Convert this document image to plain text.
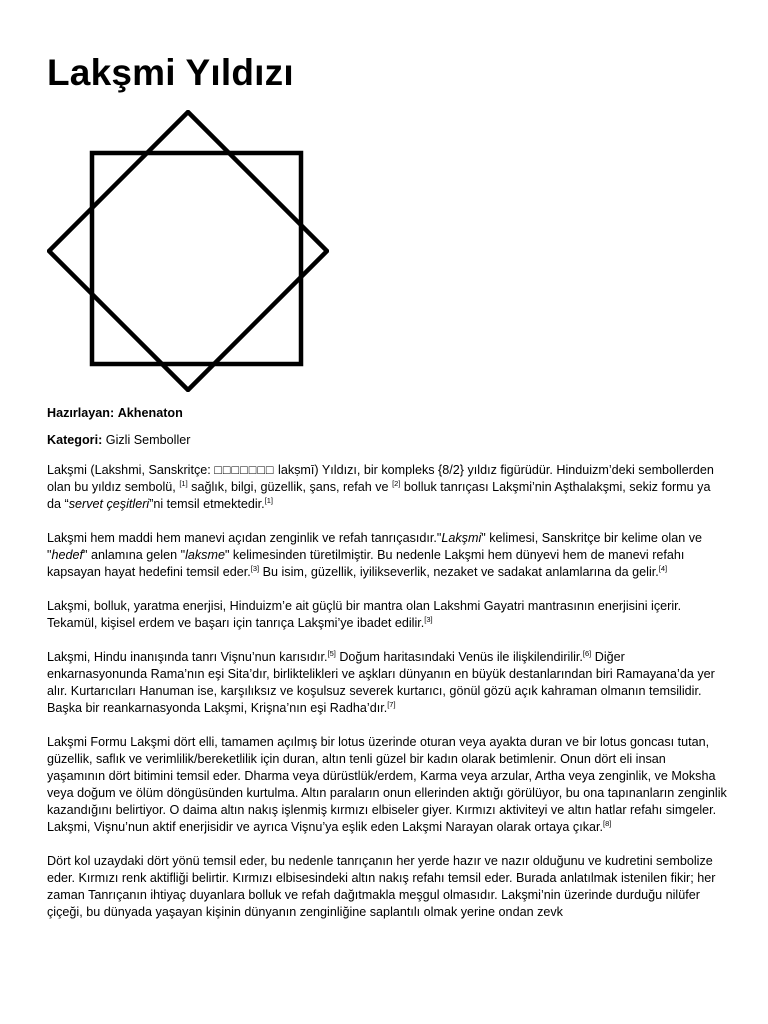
Lakşmi Yıldızı
Hazırlayan: Akhenaton
Kategori: Gizli Semboller

Lakşmi (Lakshmi, Sanskritçe: □□□□□□□ lakṣmī) Yıldızı, bir kompleks {8/2} yıldız figürüdür. Hinduizm’deki sembollerden olan bu yıldız sembolü, [1] sağlık, bilgi, güzellik, şans, refah ve [2] bolluk tanrıçası Lakşmi’nin Aşthalakşmi, sekiz formu ya da “servet çeşitleri”ni temsil etmektedir.[1]

Lakşmi hem maddi hem manevi açıdan zenginlik ve refah tanrıçasıdır."Lakşmi" kelimesi, Sanskritçe bir kelime olan ve "hedef" anlamına gelen "laksme" kelimesinden türetilmiştir. Bu nedenle Lakşmi hem dünyevi hem de manevi refahı kapsayan hayat hedefini temsil eder.[3] Bu isim, güzellik, iyilikseverlik, nezaket ve sadakat anlamlarına da gelir.[4]

Lakşmi, bolluk, yaratma enerjisi, Hinduizm’e ait güçlü bir mantra olan Lakshmi Gayatri mantrasının enerjisini içerir. Tekamül, kişisel erdem ve başarı için tanrıça Lakşmi’ye ibadet edilir.[3]

Lakşmi, Hindu inanışında tanrı Vişnu’nun karısıdır.[5] Doğum haritasındaki Venüs ile ilişkilendirilir.[6] Diğer enkarnasyonunda Rama’nın eşi Sita’dır, birliktelikleri ve aşkları dünyanın en büyük destanlarından biri Ramayana’da yer alır. Kurtarıcıları Hanuman ise, karşılıksız ve koşulsuz severek kurtarıcı, gönül gözü açık kahraman olmanın temsilidir. Başka bir reankarnasyonda Lakşmi, Krişna’nın eşi Radha’dır.[7]

Lakşmi Formu Lakşmi dört elli, tamamen açılmış bir lotus üzerinde oturan veya ayakta duran ve bir lotus goncası tutan, güzellik, saflık ve verimlilik/bereketlilik için duran, altın tenli güzel bir kadın olarak betimlenir. Onun dört eli insan yaşamının dört bitimini temsil eder. Dharma veya dürüstlük/erdem, Karma veya arzular, Artha veya zenginlik, ve Moksha veya doğum ve ölüm döngüsünden kurtulma. Altın paraların onun ellerinden aktığı görülüyor, bu ona tapınanların zenginlik kazandığını belirtiyor. O daima altın nakış işlenmiş kırmızı elbiseler giyer. Kırmızı aktiviteyi ve altın hatlar refahı simgeler. Lakşmi, Vişnu’nun aktif enerjisidir ve ayrıca Vişnu’ya eşlik eden Lakşmi Narayan olarak ortaya çıkar.[8]

Dört kol uzaydaki dört yönü temsil eder, bu nedenle tanrıçanın her yerde hazır ve nazır olduğunu ve kudretini sembolize eder. Kırmızı renk aktifliği belirtir. Kırmızı elbisesindeki altın nakış refahı temsil eder. Burada anlatılmak istenilen fikir; her zaman Tanrıçanın ihtiyaç duyanlara bolluk ve refah dağıtmakla meşgul olmasıdır. Lakşmi’nin üzerinde durduğu nilüfer çiçeği, bu dünyada yaşayan kişinin dünyanın zenginliğine saplantılı olmak yerine ondan zevk
